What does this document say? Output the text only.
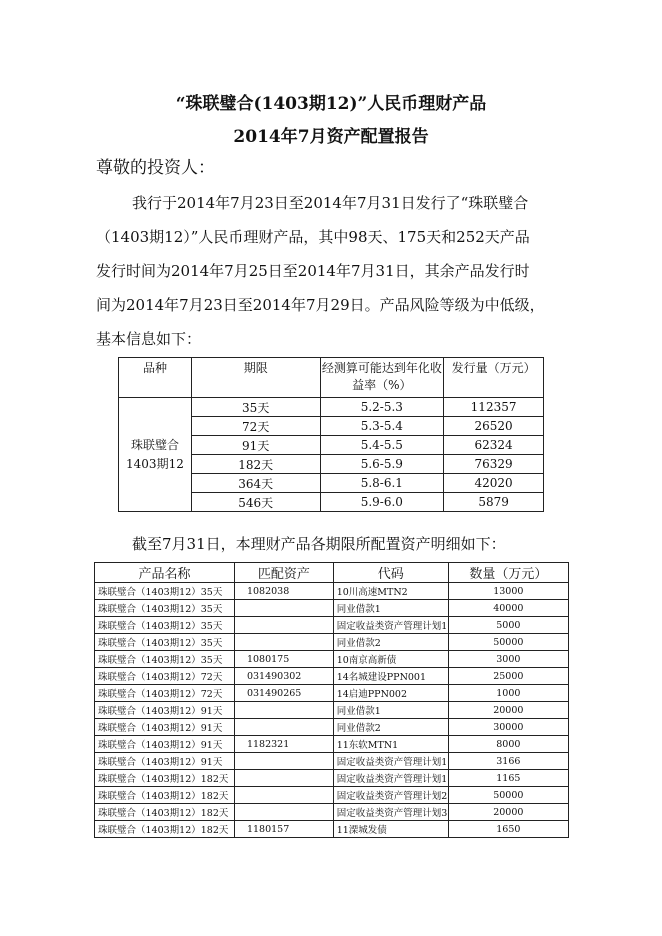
“珠联璧合(1403期12)”人民币理财产品
2014年7月资产配置报告
尊敬的投资人：
我行于2014年7月23日至2014年7月31日发行了“珠联璧合
（1403期12）”人民币理财产品，其中98天、175天和252天产品
发行时间为2014年7月25日至2014年7月31日，其余产品发行时
间为2014年7月23日至2014年7月29日。产品风险等级为中低级，
基本信息如下：
品种	期限	经测算可能达到年化收益率（%）	发行量（万元）
珠联璧合1403期12	35天	5.2-5.3	112357
	72天	5.3-5.4	26520
	91天	5.4-5.5	62324
	182天	5.6-5.9	76329
	364天	5.8-6.1	42020
	546天	5.9-6.0	5879
截至7月31日，本理财产品各期限所配置资产明细如下：
产品名称	匹配资产	代码	数量（万元）
珠联璧合（1403期12）35天	1082038	10川高速MTN2	13000
珠联璧合（1403期12）35天		同业借款1	40000
珠联璧合（1403期12）35天		固定收益类资产管理计划1	5000
珠联璧合（1403期12）35天		同业借款2	50000
珠联璧合（1403期12）35天	1080175	10南京高新债	3000
珠联璧合（1403期12）72天	031490302	14名城建设PPN001	25000
珠联璧合（1403期12）72天	031490265	14启迪PPN002	1000
珠联璧合（1403期12）91天		同业借款1	20000
珠联璧合（1403期12）91天		同业借款2	30000
珠联璧合（1403期12）91天	1182321	11东软MTN1	8000
珠联璧合（1403期12）91天		固定收益类资产管理计划1	3166
珠联璧合（1403期12）182天		固定收益类资产管理计划1	1165
珠联璧合（1403期12）182天		固定收益类资产管理计划2	50000
珠联璧合（1403期12）182天		固定收益类资产管理计划3	20000
珠联璧合（1403期12）182天	1180157	11溧城发债	1650
